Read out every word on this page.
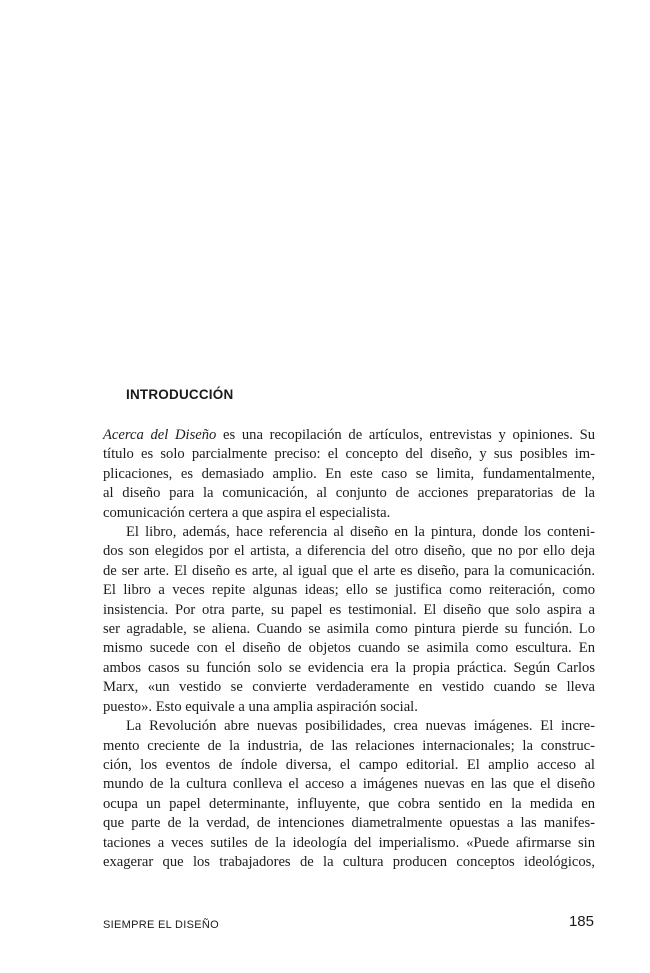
INTRODUCCIÓN

Acerca del Diseño es una recopilación de artículos, entrevistas y opiniones. Su
título es solo parcialmente preciso: el concepto del diseño, y sus posibles im-
plicaciones, es demasiado amplio. En este caso se limita, fundamentalmente,
al diseño para la comunicación, al conjunto de acciones preparatorias de la
comunicación certera a que aspira el especialista.

El libro, además, hace referencia al diseño en la pintura, donde los conteni-
dos son elegidos por el artista, a diferencia del otro diseño, que no por ello deja
de ser arte. El diseño es arte, al igual que el arte es diseño, para la comunicación.
El libro a veces repite algunas ideas; ello se justifica como reiteración, como
insistencia. Por otra parte, su papel es testimonial. El diseño que solo aspira a
ser agradable, se aliena. Cuando se asimila como pintura pierde su función. Lo
mismo sucede con el diseño de objetos cuando se asimila como escultura. En
ambos casos su función solo se evidencia era la propia práctica. Según Carlos
Marx, «un vestido se convierte verdaderamente en vestido cuando se lleva
puesto». Esto equivale a una amplia aspiración social.

La Revolución abre nuevas posibilidades, crea nuevas imágenes. El incre-
mento creciente de la industria, de las relaciones internacionales; la construc-
ción, los eventos de índole diversa, el campo editorial. El amplio acceso al
mundo de la cultura conlleva el acceso a imágenes nuevas en las que el diseño
ocupa un papel determinante, influyente, que cobra sentido en la medida en
que parte de la verdad, de intenciones diametralmente opuestas a las manifes-
taciones a veces sutiles de la ideología del imperialismo. «Puede afirmarse sin
exagerar que los trabajadores de la cultura producen conceptos ideológicos,

SIEMPRE EL DISEÑO	185
